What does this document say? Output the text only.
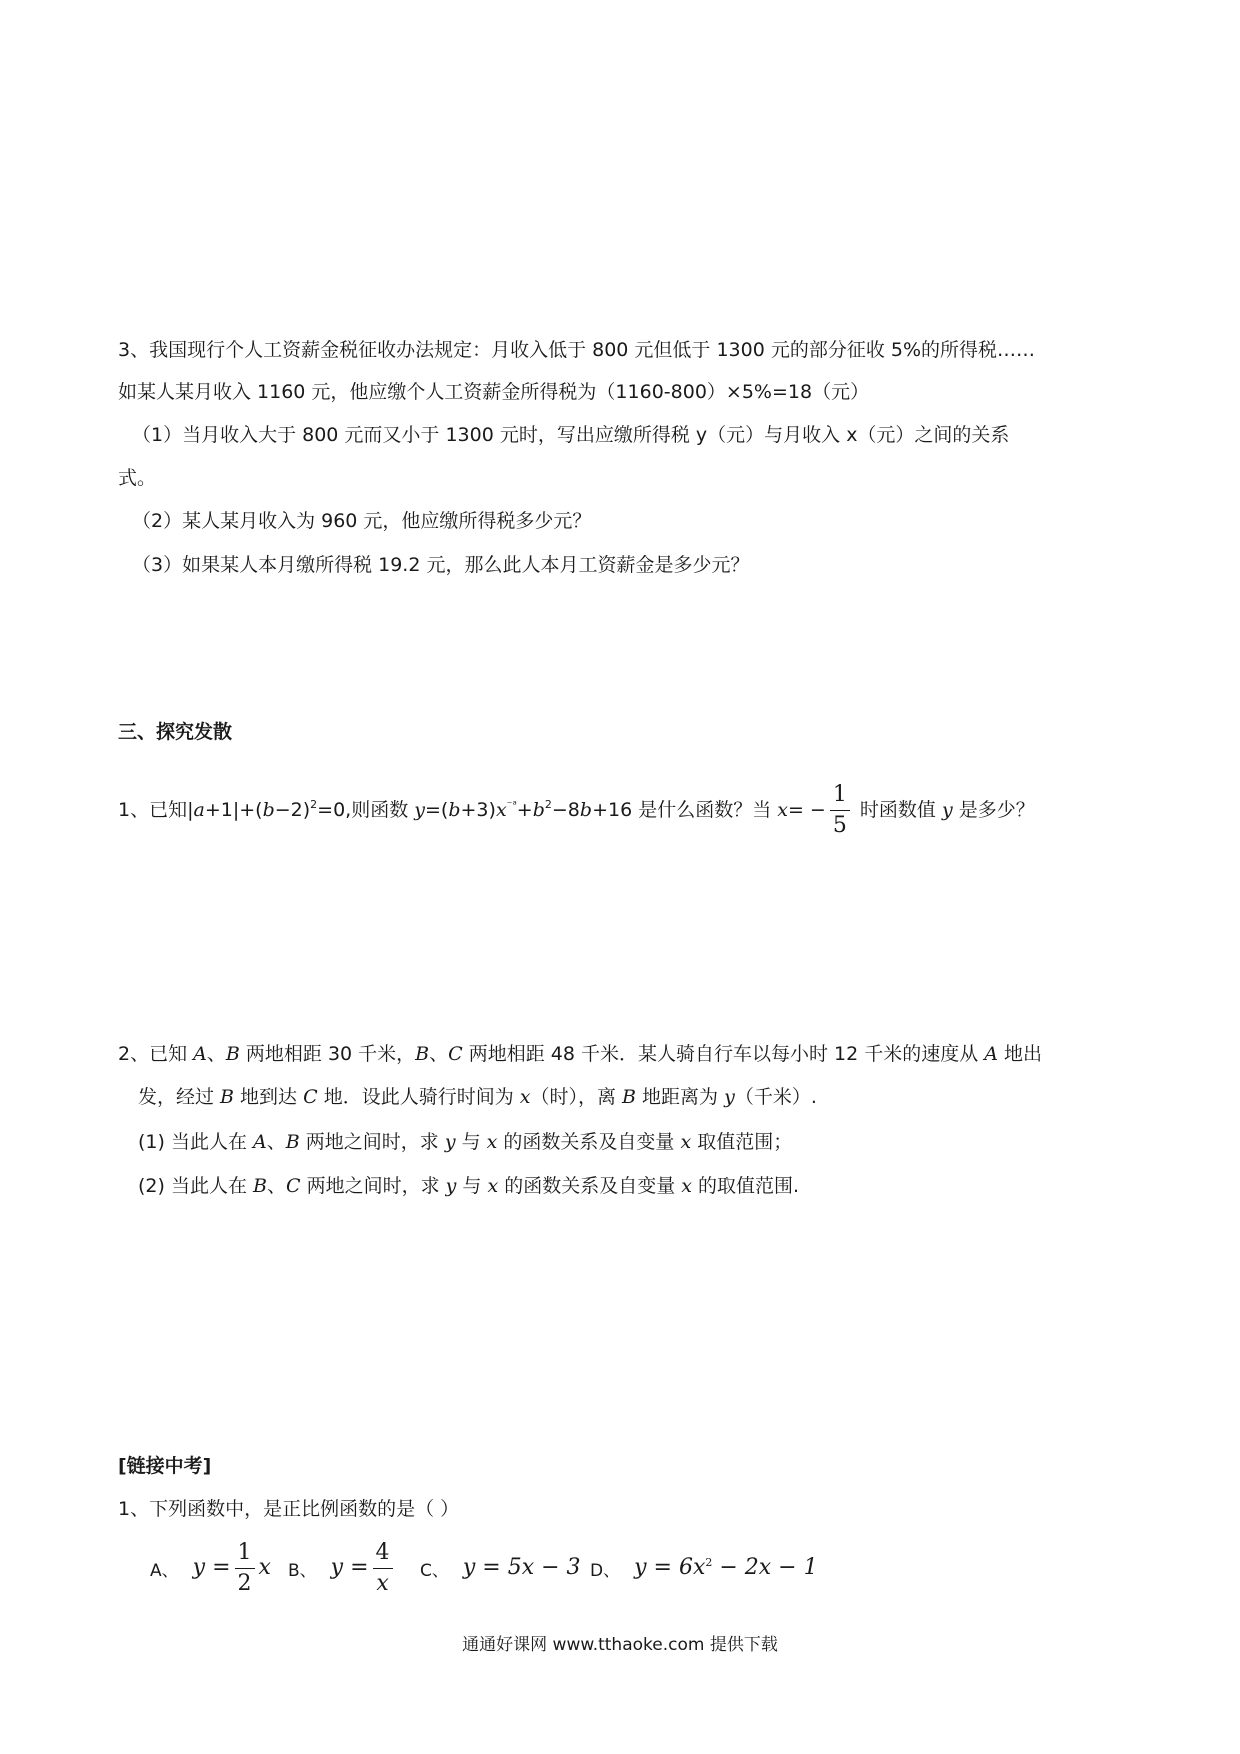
3、我国现行个人工资薪金税征收办法规定：月收入低于 800 元但低于 1300 元的部分征收 5%的所得税……
如某人某月收入 1160 元，他应缴个人工资薪金所得税为（1160-800）×5%=18（元）
（1）当月收入大于 800 元而又小于 1300 元时，写出应缴所得税 y（元）与月收入 x（元）之间的关系
式。
（2）某人某月收入为 960 元，他应缴所得税多少元？
（3）如果某人本月缴所得税 19.2 元，那么此人本月工资薪金是多少元？
三、探究发散
1、已知$|a+1|+(b-2)^2=0$,则函数 $y=(b+3)x^{^-ᵃ}+b^2-8b+16$ 是什么函数？当 $x= - \frac{1}{5}$ 时函数值 y 是多少？
2、已知 A、B 两地相距 30 千米，B、C 两地相距 48 千米．某人骑自行车以每小时 12 千米的速度从 A 地出
发，经过 B 地到达 C 地．设此人骑行时间为 x（时），离 B 地距离为 y（千米）.
(1) 当此人在 A、B 两地之间时，求 y 与 x 的函数关系及自变量 x 取值范围；
(2) 当此人在 B、C 两地之间时，求 y 与 x 的函数关系及自变量 x 的取值范围.
[链接中考]
1、下列函数中，是正比例函数的是（ ）
A、 $y = \frac{1}{2}$ x B、 $y = \frac{4}{x}$ C、 y = 5x − 3 D、 $y = 6x^2 - 2x - 1$
通通好课网 www.tthaoke.com 提供下载
